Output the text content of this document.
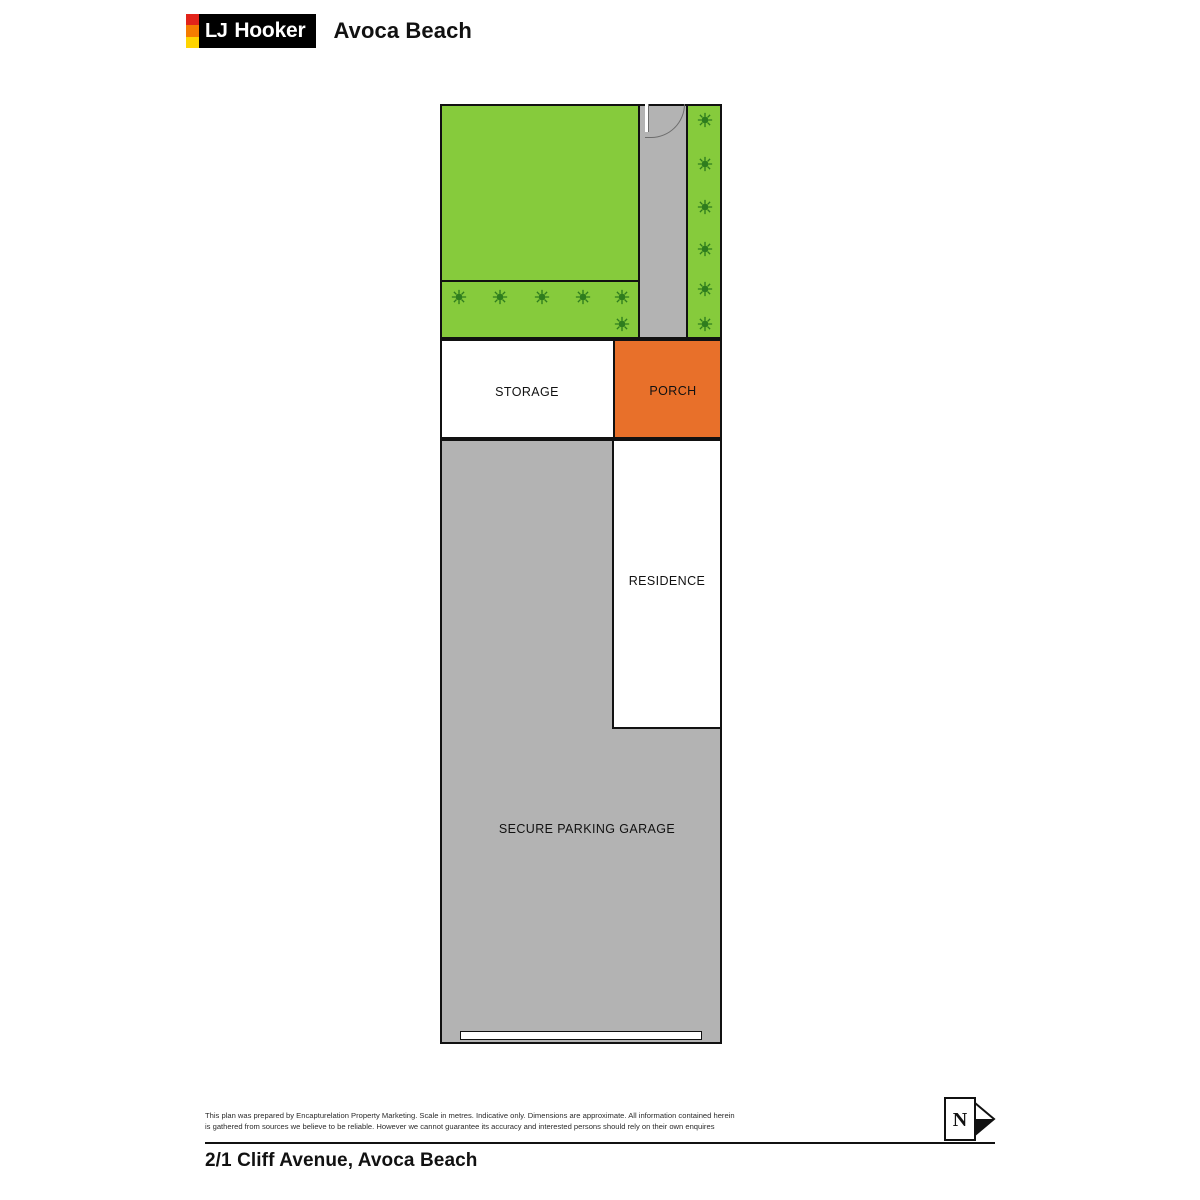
LJ Hooker	Avoca Beach
STORAGE	PORCH
SECURE PARKING GARAGE
RESIDENCE
This plan was prepared by Encapturelation Property Marketing. Scale in metres. Indicative only. Dimensions are approximate. All information contained herein is gathered from sources we believe to be reliable. However we cannot guarantee its accuracy and interested persons should rely on their own enquires
2/1 Cliff Avenue, Avoca Beach
N
